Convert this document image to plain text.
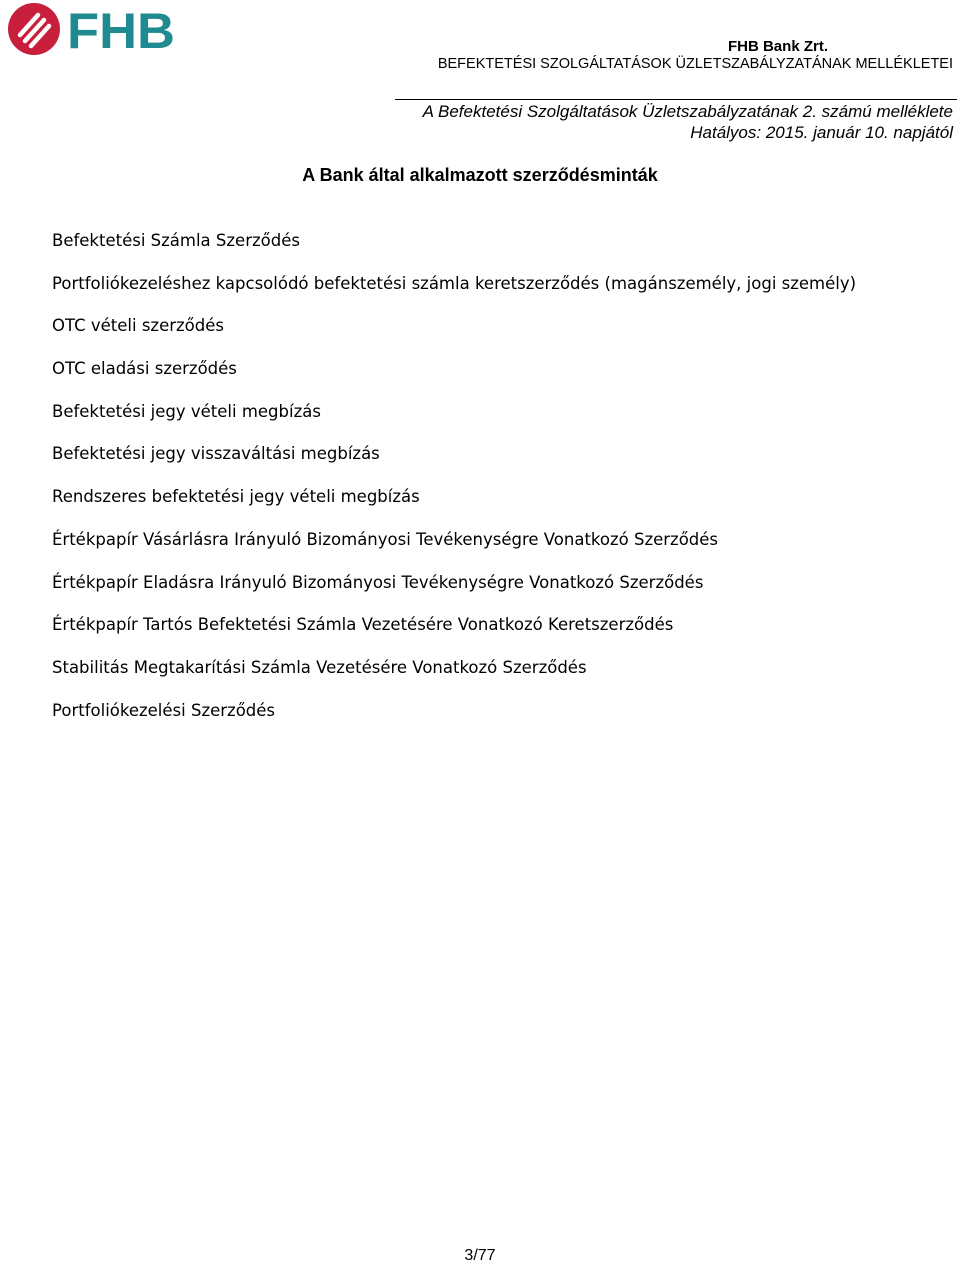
FHB	FHB Bank Zrt.
BEFEKTETÉSI SZOLGÁLTATÁSOK ÜZLETSZABÁLYZATÁNAK MELLÉKLETEI
A Befektetési Szolgáltatások Üzletszabályzatának 2. számú melléklete
Hatályos: 2015. január 10. napjától
A Bank által alkalmazott szerződésminták
Befektetési Számla Szerződés
Portfoliókezeléshez kapcsolódó befektetési számla keretszerződés (magánszemély, jogi személy)
OTC vételi szerződés
OTC eladási szerződés
Befektetési jegy vételi megbízás
Befektetési jegy visszaváltási megbízás
Rendszeres befektetési jegy vételi megbízás
Értékpapír Vásárlásra Irányuló Bizományosi Tevékenységre Vonatkozó Szerződés
Értékpapír Eladásra Irányuló Bizományosi Tevékenységre Vonatkozó Szerződés
Értékpapír Tartós Befektetési Számla Vezetésére Vonatkozó Keretszerződés
Stabilitás Megtakarítási Számla Vezetésére Vonatkozó Szerződés
Portfoliókezelési Szerződés
3/77
